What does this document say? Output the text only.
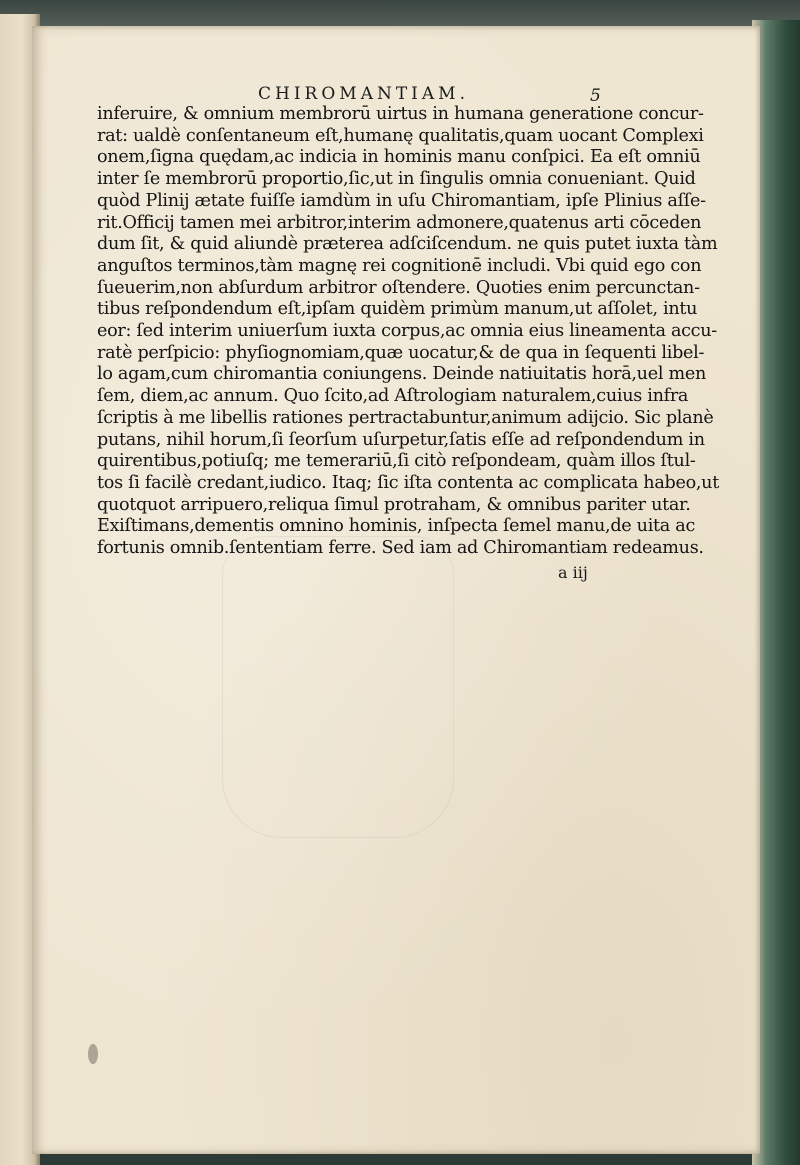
CHIROMANTIAM.	5
inferuire, & omnium membrorū uirtus in humana generatione concur‑
rat: ualdè conſentaneum eſt,humanę qualitatis,quam uocant Complexi
onem,ſigna quędam,ac indicia in hominis manu conſpici. Ea eſt omniū
inter ſe membrorū proportio,ſic,ut in ſingulis omnia conueniant. Quid
quòd Plinij ætate fuiſſe iamdùm in uſu Chiromantiam, ipſe Plinius aſſe‑
rit.Officij tamen mei arbitror,interim admonere,quatenus arti cōceden
dum ſit, & quid aliundè præterea adſciſcendum. ne quis putet iuxta tàm
anguſtos terminos,tàm magnę rei cognitionē includi. Vbi quid ego con
ſueuerim,non abſurdum arbitror oſtendere. Quoties enim percunctan‑
tibus reſpondendum eſt,ipſam quidèm primùm manum,ut aſſolet, intu
eor: ſed interim uniuerſum iuxta corpus,ac omnia eius lineamenta accu‑
ratè perſpicio: phyſiognomiam,quæ uocatur,& de qua in ſequenti libel‑
lo agam,cum chiromantia coniungens. Deinde natiuitatis horā,uel men
ſem, diem,ac annum. Quo ſcito,ad Aſtrologiam naturalem,cuius infra
ſcriptis à me libellis rationes pertractabuntur,animum adijcio. Sic planè
putans, nihil horum,ſi ſeorſum uſurpetur,ſatis eſſe ad reſpondendum in
quirentibus,potiuſq; me temerariū,ſi citò reſpondeam, quàm illos ſtul‑
tos ſi facilè credant,iudico. Itaq; ſic iſta contenta ac complicata habeo,ut
quotquot arripuero,reliqua ſimul protraham, & omnibus pariter utar.
Exiſtimans,dementis omnino hominis, inſpecta ſemel manu,de uita ac
fortunis omnib.ſententiam ferre. Sed iam ad Chiromantiam redeamus.
a iij
